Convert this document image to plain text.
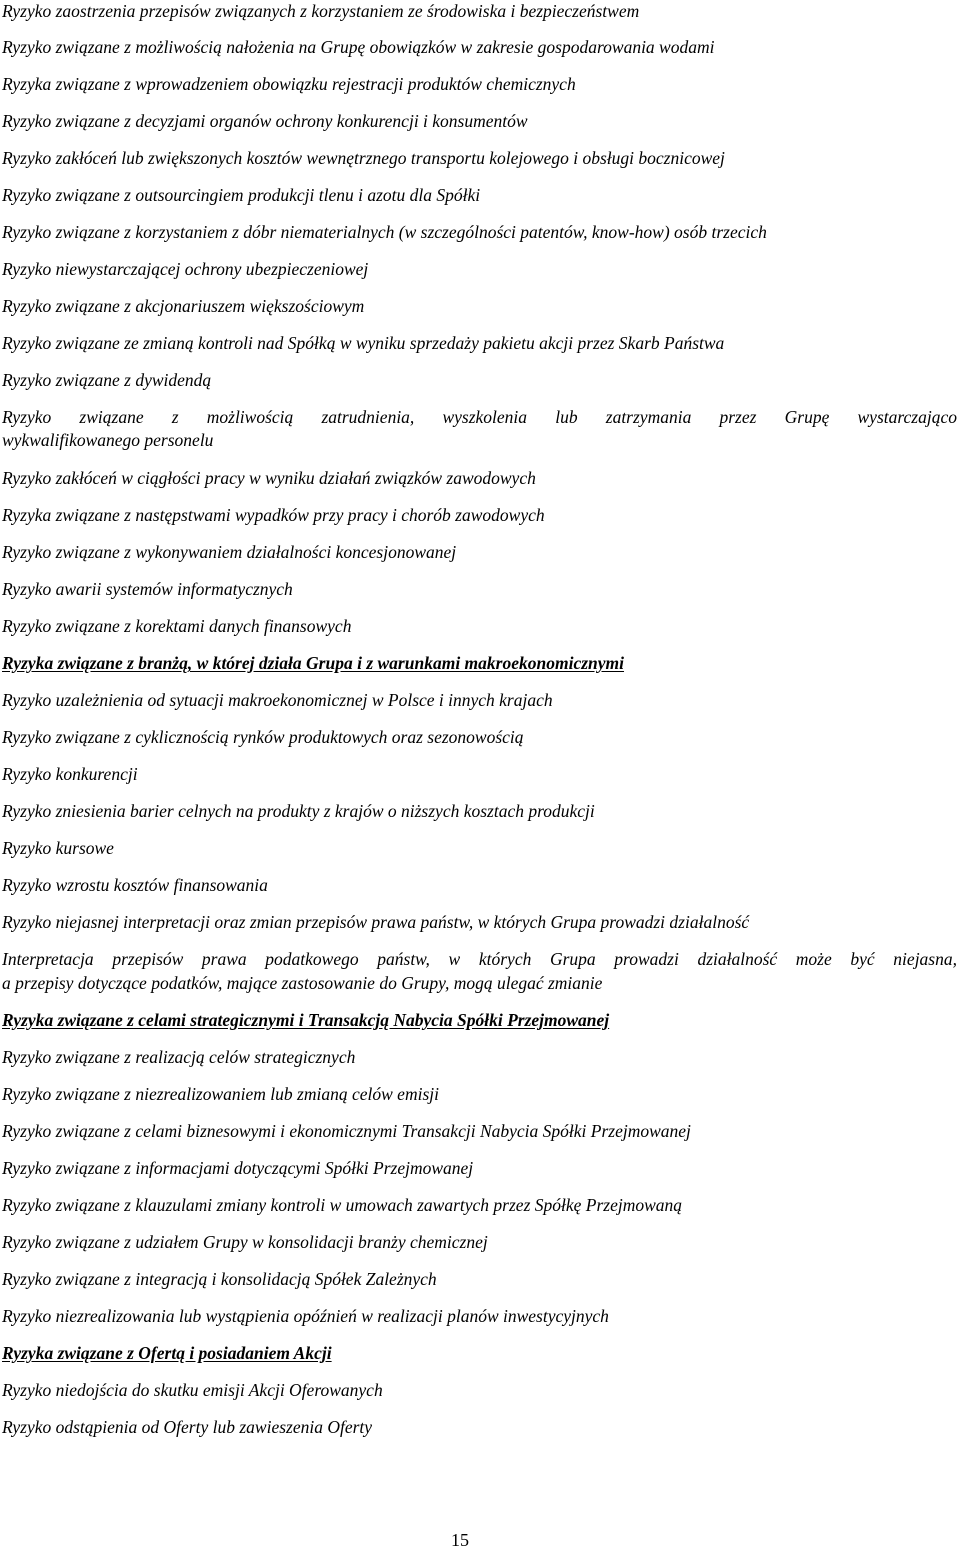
Ryzyko zaostrzenia przepisów związanych z korzystaniem ze środowiska i bezpieczeństwem
Ryzyko związane z możliwością nałożenia na Grupę obowiązków w zakresie gospodarowania wodami
Ryzyka związane z wprowadzeniem obowiązku rejestracji produktów chemicznych
Ryzyko związane z decyzjami organów ochrony konkurencji i konsumentów
Ryzyko zakłóceń lub zwiększonych kosztów wewnętrznego transportu kolejowego i obsługi bocznicowej
Ryzyko związane z outsourcingiem produkcji tlenu i azotu dla Spółki
Ryzyko związane z korzystaniem z dóbr niematerialnych (w szczególności patentów, know-how) osób trzecich
Ryzyko niewystarczającej ochrony ubezpieczeniowej
Ryzyko związane z akcjonariuszem większościowym
Ryzyko związane ze zmianą kontroli nad Spółką w wyniku sprzedaży pakietu akcji przez Skarb Państwa
Ryzyko związane z dywidendą
Ryzyko związane z możliwością zatrudnienia, wyszkolenia lub zatrzymania przez Grupę wystarczająco
wykwalifikowanego personelu
Ryzyko zakłóceń w ciągłości pracy w wyniku działań związków zawodowych
Ryzyka związane z następstwami wypadków przy pracy i chorób zawodowych
Ryzyko związane z wykonywaniem działalności koncesjonowanej
Ryzyko awarii systemów informatycznych
Ryzyko związane z korektami danych finansowych
Ryzyka związane z branżą, w której działa Grupa i z warunkami makroekonomicznymi
Ryzyko uzależnienia od sytuacji makroekonomicznej w Polsce i innych krajach
Ryzyko związane z cyklicznością rynków produktowych oraz sezonowością
Ryzyko konkurencji
Ryzyko zniesienia barier celnych na produkty z krajów o niższych kosztach produkcji
Ryzyko kursowe
Ryzyko wzrostu kosztów finansowania
Ryzyko niejasnej interpretacji oraz zmian przepisów prawa państw, w których Grupa prowadzi działalność
Interpretacja przepisów prawa podatkowego państw, w których Grupa prowadzi działalność może być niejasna,
a przepisy dotyczące podatków, mające zastosowanie do Grupy, mogą ulegać zmianie
Ryzyka związane z celami strategicznymi i Transakcją Nabycia Spółki Przejmowanej
Ryzyko związane z realizacją celów strategicznych
Ryzyko związane z niezrealizowaniem lub zmianą celów emisji
Ryzyko związane z celami biznesowymi i ekonomicznymi Transakcji Nabycia Spółki Przejmowanej
Ryzyko związane z informacjami dotyczącymi Spółki Przejmowanej
Ryzyko związane z klauzulami zmiany kontroli w umowach zawartych przez Spółkę Przejmowaną
Ryzyko związane z udziałem Grupy w konsolidacji branży chemicznej
Ryzyko związane z integracją i konsolidacją Spółek Zależnych
Ryzyko niezrealizowania lub wystąpienia opóźnień w realizacji planów inwestycyjnych
Ryzyka związane z Ofertą i posiadaniem Akcji
Ryzyko niedojścia do skutku emisji Akcji Oferowanych
Ryzyko odstąpienia od Oferty lub zawieszenia Oferty
15
